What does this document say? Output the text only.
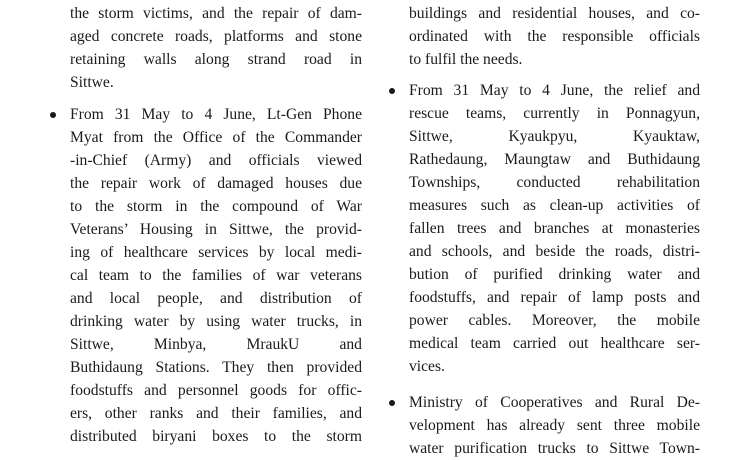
the storm victims, and the repair of dam-
aged concrete roads, platforms and stone
retaining walls along strand road in
Sittwe.
From 31 May to 4 June, Lt-Gen Phone
Myat from the Office of the Commander
-in-Chief (Army) and officials viewed
the repair work of damaged houses due
to the storm in the compound of War
Veterans’ Housing in Sittwe, the provid-
ing of healthcare services by local medi-
cal team to the families of war veterans
and local people, and distribution of
drinking water by using water trucks, in
Sittwe,	Minbya,	MraukU	and
Buthidaung Stations. They then provided
foodstuffs and personnel goods for offic-
ers, other ranks and their families, and
distributed biryani boxes to the storm
buildings and residential houses, and co-
ordinated with the responsible officials
to fulfil the needs.
From 31 May to 4 June, the relief and
rescue teams, currently in Ponnagyun,
Sittwe,	Kyaukpyu,	Kyauktaw,
Rathedaung, Maungtaw and Buthidaung
Townships, conducted rehabilitation
measures such as clean-up activities of
fallen trees and branches at monasteries
and schools, and beside the roads, distri-
bution of purified drinking water and
foodstuffs, and repair of lamp posts and
power cables. Moreover, the mobile
medical team carried out healthcare ser-
vices.
Ministry of Cooperatives and Rural De-
velopment has already sent three mobile
water purification trucks to Sittwe Town-
